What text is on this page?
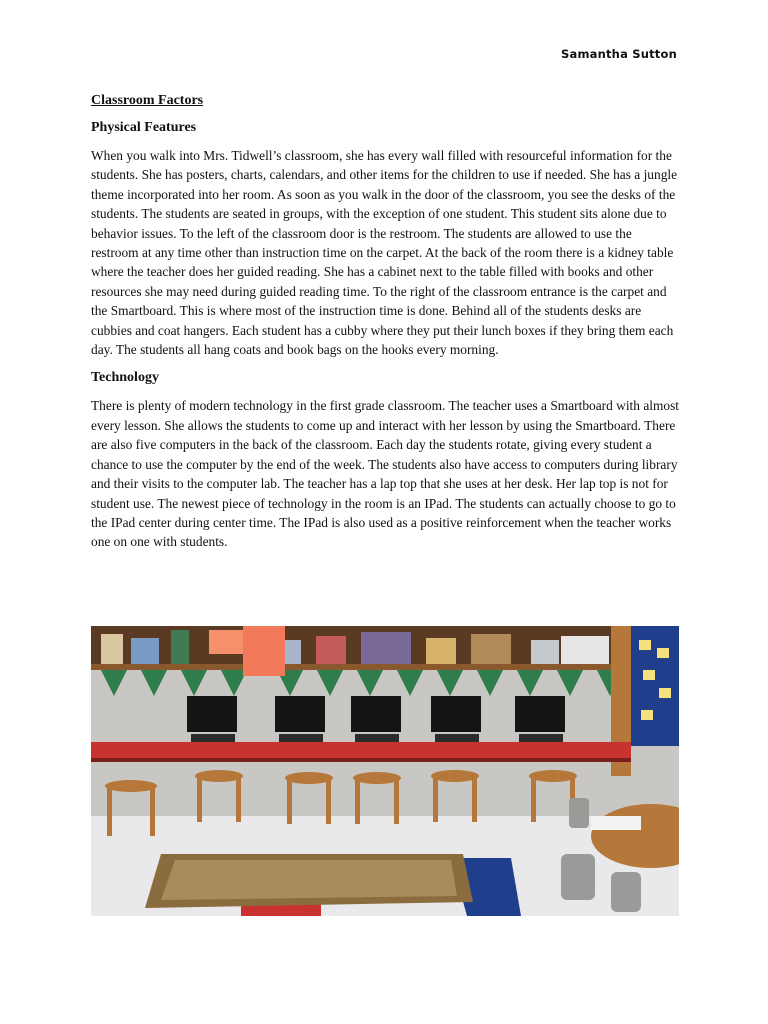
Samantha Sutton
Classroom Factors
Physical Features

When you walk into Mrs. Tidwell’s classroom, she has every wall filled with resourceful information for the students. She has posters, charts, calendars, and other items for the children to use if needed. She has a jungle theme incorporated into her room. As soon as you walk in the door of the classroom, you see the desks of the students. The students are seated in groups, with the exception of one student. This student sits alone due to behavior issues. To the left of the classroom door is the restroom. The students are allowed to use the restroom at any time other than instruction time on the carpet. At the back of the room there is a kidney table where the teacher does her guided reading. She has a cabinet next to the table filled with books and other resources she may need during guided reading time. To the right of the classroom entrance is the carpet and the Smartboard. This is where most of the instruction time is done. Behind all of the students desks are cubbies and coat hangers. Each student has a cubby where they put their lunch boxes if they bring them each day. The students all hang coats and book bags on the hooks every morning.

Technology

There is plenty of modern technology in the first grade classroom. The teacher uses a Smartboard with almost every lesson. She allows the students to come up and interact with her lesson by using the Smartboard. There are also five computers in the back of the classroom. Each day the students rotate, giving every student a chance to use the computer by the end of the week. The students also have access to computers during library and their visits to the computer lab. The teacher has a lap top that she uses at her desk. Her lap top is not for student use. The newest piece of technology in the room is an IPad. The students can actually choose to go to the IPad center during center time. The IPad is also used as a positive reinforcement when the teacher works one on one with students.
